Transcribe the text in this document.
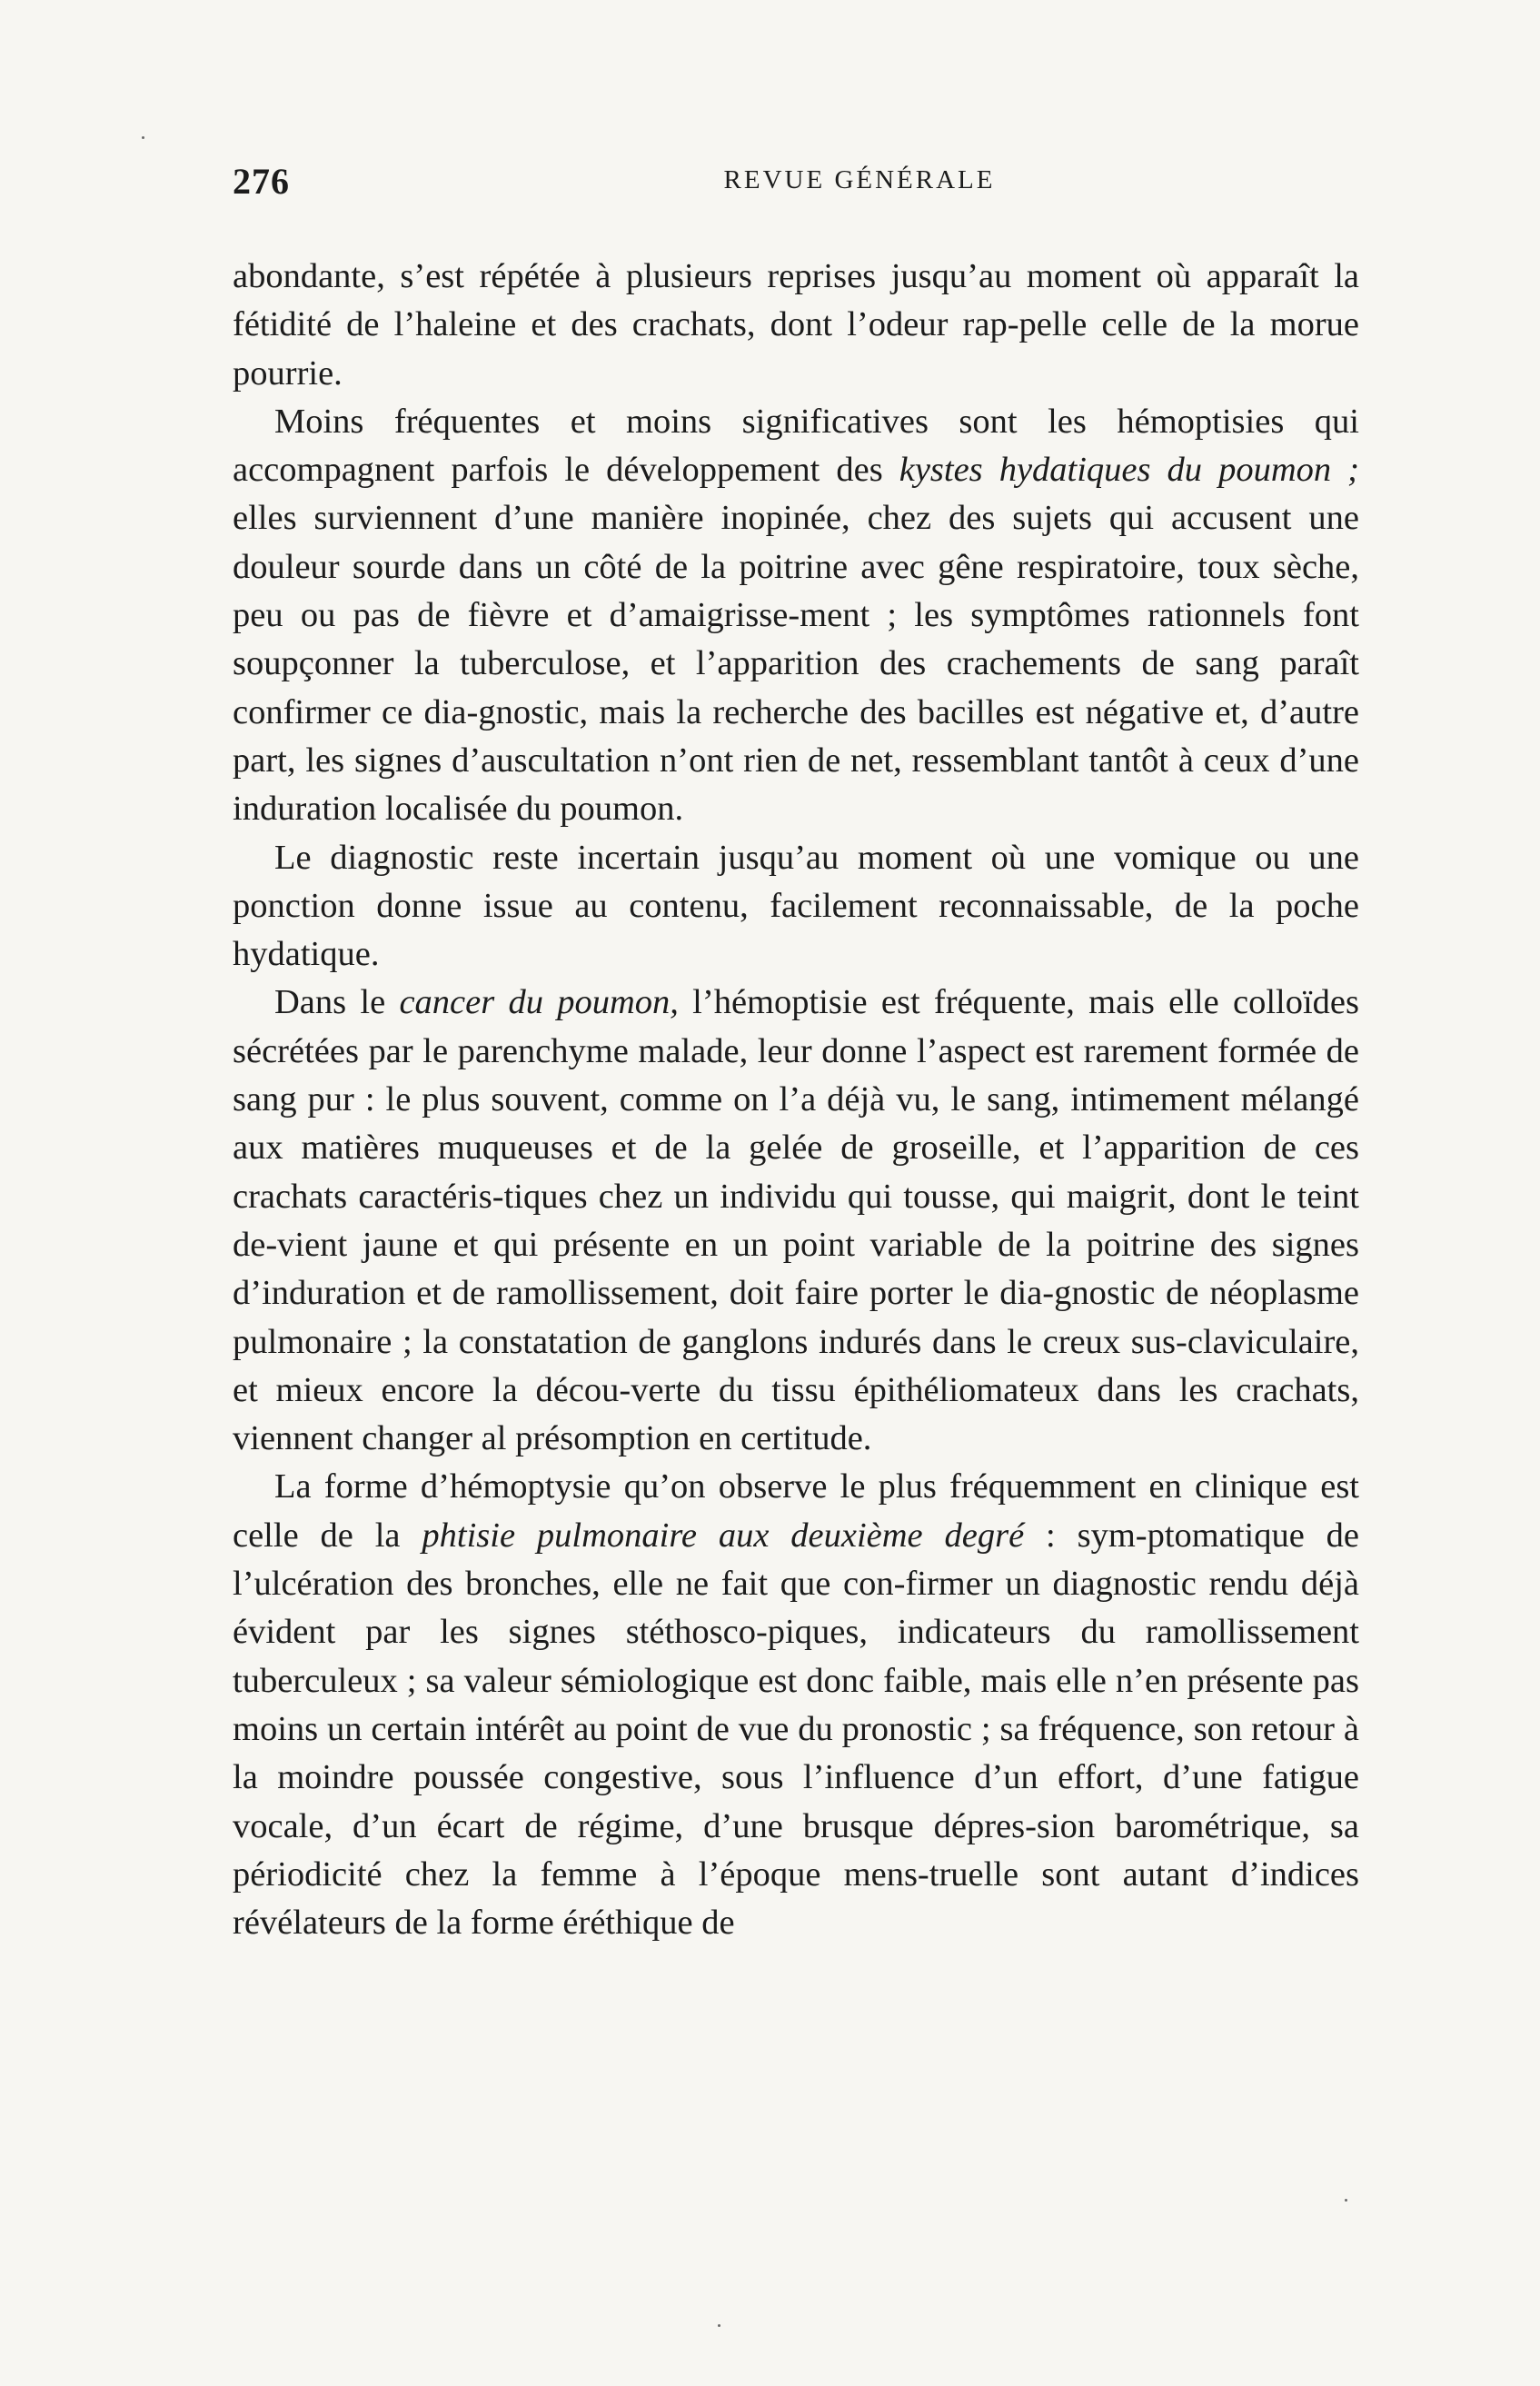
276	REVUE GÉNÉRALE

abondante, s’est répétée à plusieurs reprises jusqu’au moment où apparaît la fétidité de l’haleine et des crachats, dont l’odeur rap-pelle celle de la morue pourrie.

Moins fréquentes et moins significatives sont les hémoptisies qui accompagnent parfois le développement des kystes hydatiques du poumon ; elles surviennent d’une manière inopinée, chez des sujets qui accusent une douleur sourde dans un côté de la poitrine avec gêne respiratoire, toux sèche, peu ou pas de fièvre et d’amaigrisse-ment ; les symptômes rationnels font soupçonner la tuberculose, et l’apparition des crachements de sang paraît confirmer ce dia-gnostic, mais la recherche des bacilles est négative et, d’autre part, les signes d’auscultation n’ont rien de net, ressemblant tantôt à ceux d’une induration localisée du poumon.

Le diagnostic reste incertain jusqu’au moment où une vomique ou une ponction donne issue au contenu, facilement reconnaissable, de la poche hydatique.

Dans le cancer du poumon, l’hémoptisie est fréquente, mais elle colloïdes sécrétées par le parenchyme malade, leur donne l’aspect est rarement formée de sang pur : le plus souvent, comme on l’a déjà vu, le sang, intimement mélangé aux matières muqueuses et de la gelée de groseille, et l’apparition de ces crachats caractéris-tiques chez un individu qui tousse, qui maigrit, dont le teint de-vient jaune et qui présente en un point variable de la poitrine des signes d’induration et de ramollissement, doit faire porter le dia-gnostic de néoplasme pulmonaire ; la constatation de ganglons indurés dans le creux sus-claviculaire, et mieux encore la décou-verte du tissu épithéliomateux dans les crachats, viennent changer al présomption en certitude.

La forme d’hémoptysie qu’on observe le plus fréquemment en clinique est celle de la phtisie pulmonaire aux deuxième degré : sym-ptomatique de l’ulcération des bronches, elle ne fait que con-firmer un diagnostic rendu déjà évident par les signes stéthosco-piques, indicateurs du ramollissement tuberculeux ; sa valeur sémiologique est donc faible, mais elle n’en présente pas moins un certain intérêt au point de vue du pronostic ; sa fréquence, son retour à la moindre poussée congestive, sous l’influence d’un effort, d’une fatigue vocale, d’un écart de régime, d’une brusque dépres-sion barométrique, sa périodicité chez la femme à l’époque mens-truelle sont autant d’indices révélateurs de la forme éréthique de
